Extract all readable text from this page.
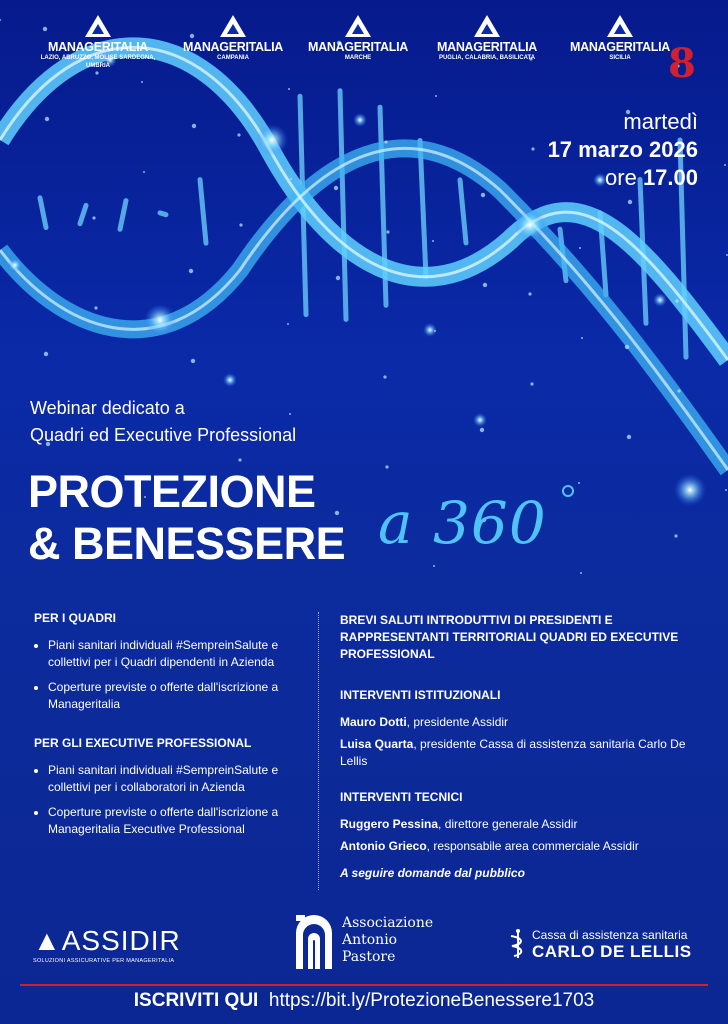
MANAGERITALIA
LAZIO, ABRUZZO, MOLISE SARDEGNA, UMBRIA
MANAGERITALIA
CAMPANIA
MANAGERITALIA
MARCHE
MANAGERITALIA
PUGLIA, CALABRIA, BASILICATA
MANAGERITALIA
SICILIA 8
martedì
17 marzo 2026
ore 17.00
Webinar dedicato a
Quadri ed Executive Professional
PROTEZIONE
& BENESSERE a 360
PER I QUADRI
• Piani sanitari individuali #SempreinSalute e collettivi per i Quadri dipendenti in Azienda
• Coperture previste o offerte dall'iscrizione a Manageritalia
PER GLI EXECUTIVE PROFESSIONAL
• Piani sanitari individuali #SempreinSalute e collettivi per i collaboratori in Azienda
• Coperture previste o offerte dall'iscrizione a Manageritalia Executive Professional
BREVI SALUTI INTRODUTTIVI DI PRESIDENTI E RAPPRESENTANTI TERRITORIALI QUADRI ED EXECUTIVE PROFESSIONAL
INTERVENTI ISTITUZIONALI
Mauro Dotti, presidente Assidir
Luisa Quarta, presidente Cassa di assistenza sanitaria Carlo De Lellis
INTERVENTI TECNICI
Ruggero Pessina, direttore generale Assidir
Antonio Grieco, responsabile area commerciale Assidir
A seguire domande dal pubblico
▲ASSIDIR
SOLUZIONI ASSICURATIVE PER MANAGERITALIA
Associazione
Antonio
Pastore
Cassa di assistenza sanitaria
CARLO DE LELLIS
ISCRIVITI QUI https://bit.ly/ProtezioneBenessere1703
